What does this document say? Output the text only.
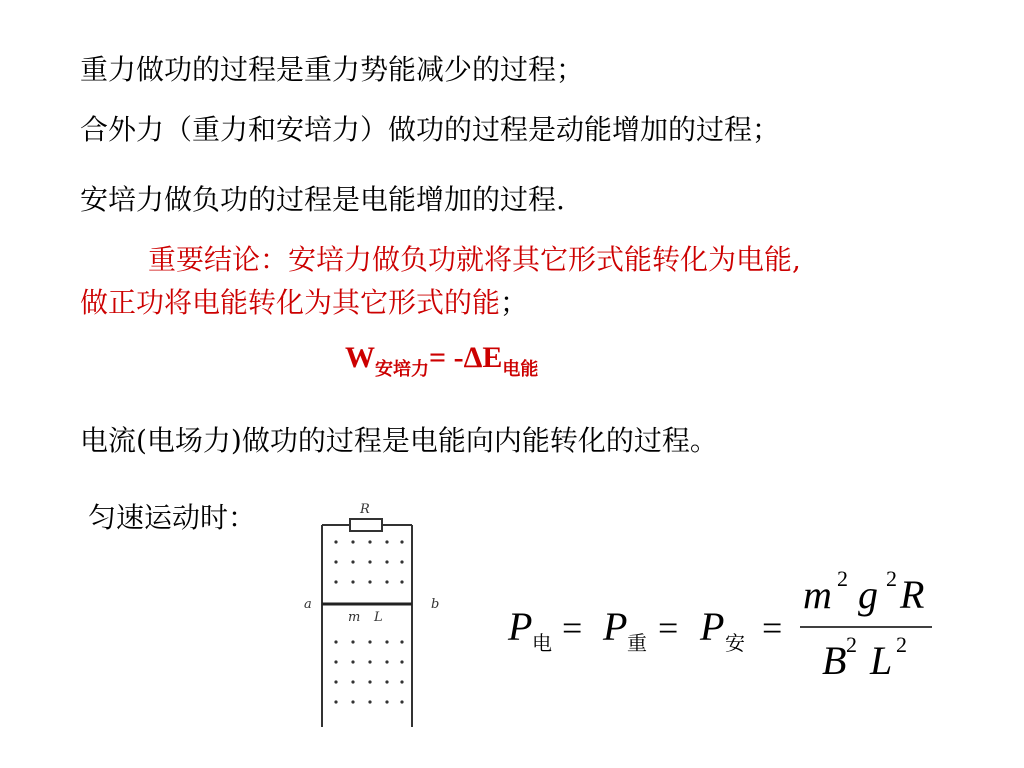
重力做功的过程是重力势能减少的过程；
合外力（重力和安培力）做功的过程是动能增加的过程；
安培力做负功的过程是电能增加的过程.
重要结论：安培力做负功就将其它形式能转化为电能,
做正功将电能转化为其它形式的能；
$W_{安培力}= -\Delta E_{电能}$
电流(电场力)做功的过程是电能向内能转化的过程。
匀速运动时：	R
a	b
m L	P P P
m g R
B L
电	重	安
2 2
2 2
= = =
